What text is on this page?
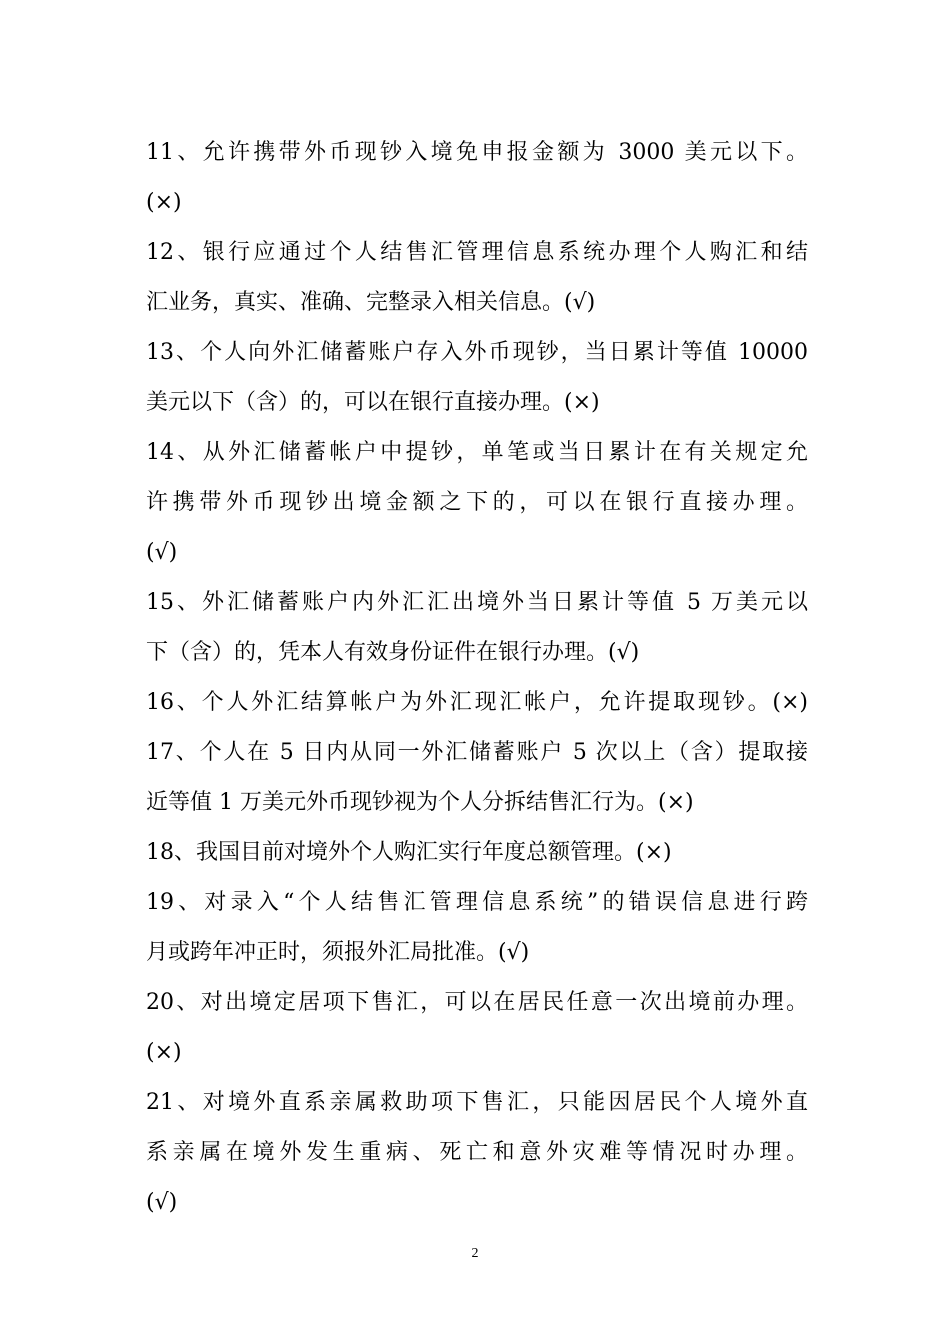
11、允许携带外币现钞入境免申报金额为 3000 美元以下。
(×)
12、银行应通过个人结售汇管理信息系统办理个人购汇和结
汇业务，真实、准确、完整录入相关信息。(√)
13、个人向外汇储蓄账户存入外币现钞，当日累计等值 10000
美元以下（含）的，可以在银行直接办理。(×)
14、从外汇储蓄帐户中提钞，单笔或当日累计在有关规定允
许携带外币现钞出境金额之下的，可以在银行直接办理。
(√)
15、外汇储蓄账户内外汇汇出境外当日累计等值 5 万美元以
下（含）的，凭本人有效身份证件在银行办理。(√)
16、个人外汇结算帐户为外汇现汇帐户，允许提取现钞。(×)
17、个人在 5 日内从同一外汇储蓄账户 5 次以上（含）提取接
近等值 1 万美元外币现钞视为个人分拆结售汇行为。(×)
18、我国目前对境外个人购汇实行年度总额管理。(×)
19、对录入“个人结售汇管理信息系统”的错误信息进行跨
月或跨年冲正时，须报外汇局批准。(√)
20、对出境定居项下售汇，可以在居民任意一次出境前办理。
(×)
21、对境外直系亲属救助项下售汇，只能因居民个人境外直
系亲属在境外发生重病、死亡和意外灾难等情况时办理。
(√)
2
